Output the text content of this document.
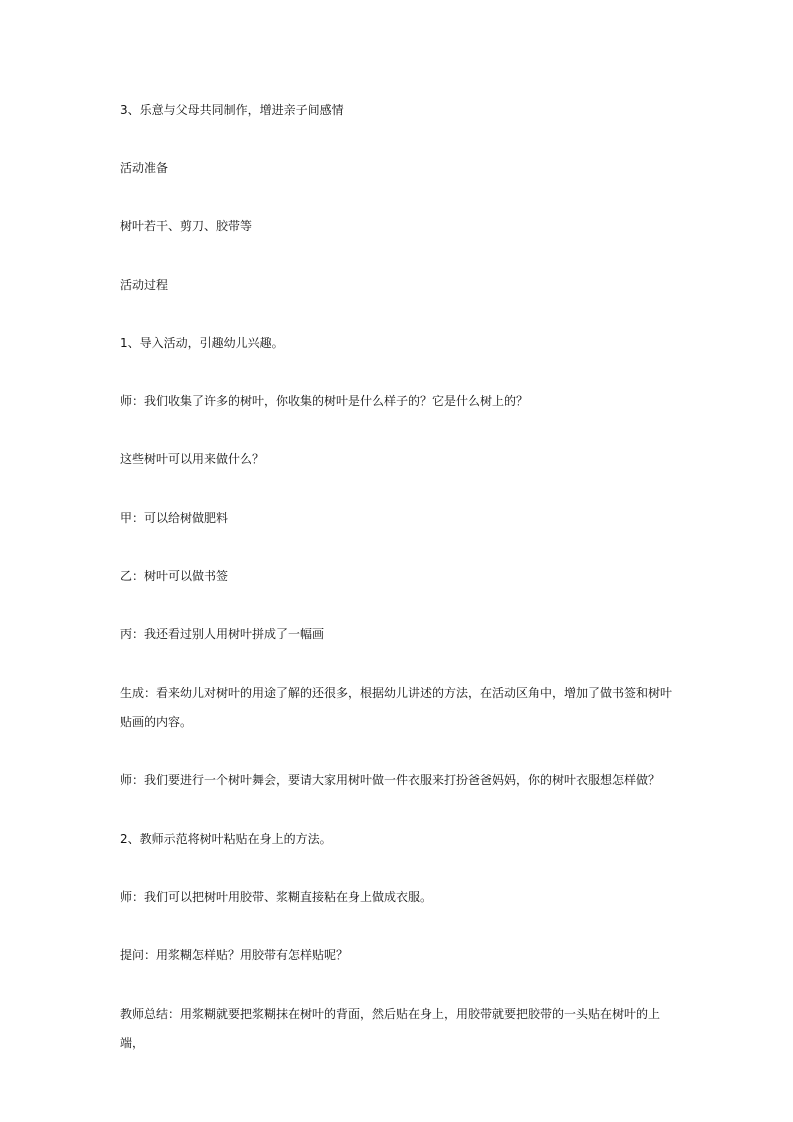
3、乐意与父母共同制作，增进亲子间感情

活动准备

树叶若干、剪刀、胶带等

活动过程

1、导入活动，引趣幼儿兴趣。

师：我们收集了许多的树叶，你收集的树叶是什么样子的？它是什么树上的？

这些树叶可以用来做什么？

甲：可以给树做肥料

乙：树叶可以做书签

丙：我还看过别人用树叶拼成了一幅画

生成：看来幼儿对树叶的用途了解的还很多，根据幼儿讲述的方法，在活动区角中，增加了做书签和树叶贴画的内容。

师：我们要进行一个树叶舞会，要请大家用树叶做一件衣服来打扮爸爸妈妈，你的树叶衣服想怎样做？

2、教师示范将树叶粘贴在身上的方法。

师：我们可以把树叶用胶带、浆糊直接粘在身上做成衣服。

提问：用浆糊怎样贴？用胶带有怎样贴呢？

教师总结：用浆糊就要把浆糊抹在树叶的背面，然后贴在身上，用胶带就要把胶带的一头贴在树叶的上端，
